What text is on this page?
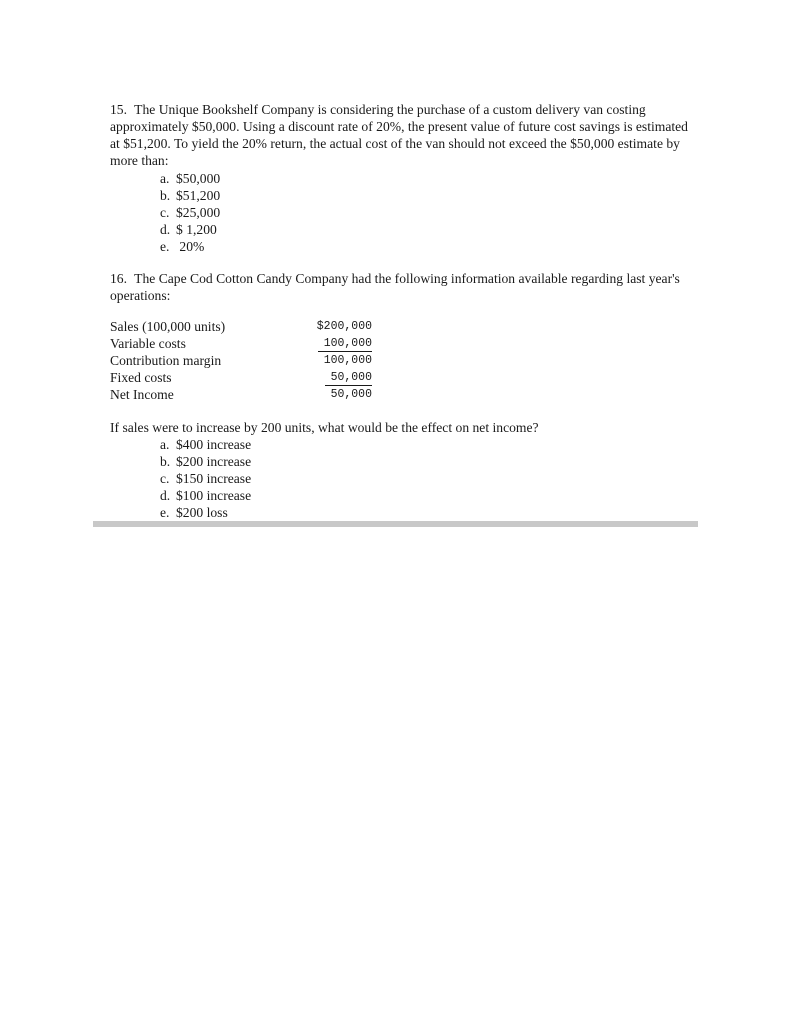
15. The Unique Bookshelf Company is considering the purchase of a custom delivery van costing approximately $50,000. Using a discount rate of 20%, the present value of future cost savings is estimated at $51,200. To yield the 20% return, the actual cost of the van should not exceed the $50,000 estimate by more than:

a. $50,000
b. $51,200
c. $25,000
d. $ 1,200
e. 20%

16. The Cape Cod Cotton Candy Company had the following information available regarding last year's operations:

Sales (100,000 units)	$200,000
Variable costs	100,000
Contribution margin	100,000
Fixed costs	50,000
Net Income	50,000

If sales were to increase by 200 units, what would be the effect on net income?

a. $400 increase
b. $200 increase
c. $150 increase
d. $100 increase
e. $200 loss
